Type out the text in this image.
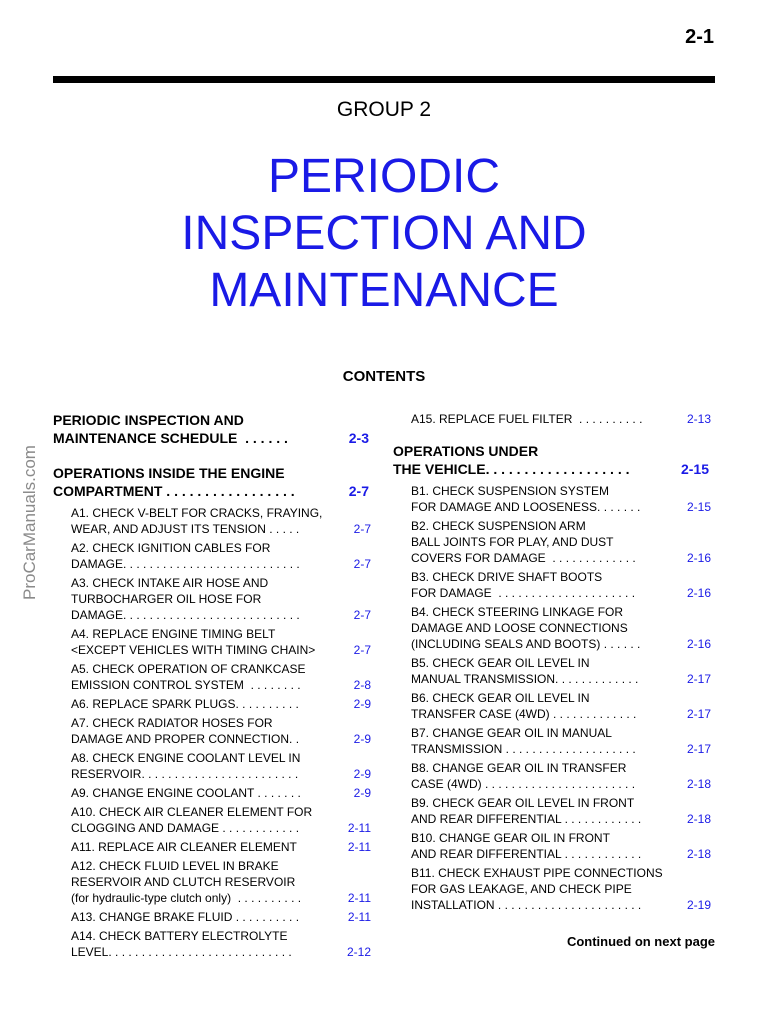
2-1
GROUP 2
PERIODIC
INSPECTION AND
MAINTENANCE
CONTENTS
ProCarManuals.com
PERIODIC INSPECTION AND
MAINTENANCE SCHEDULE  . . . . . .	2-3
OPERATIONS INSIDE THE ENGINE
COMPARTMENT . . . . . . . . . . . . . . . . .	2-7
A1. CHECK V-BELT FOR CRACKS, FRAYING,
WEAR, AND ADJUST ITS TENSION . . . . .	2-7
A2. CHECK IGNITION CABLES FOR
DAMAGE. . . . . . . . . . . . . . . . . . . . . . . . . . .	2-7
A3. CHECK INTAKE AIR HOSE AND
TURBOCHARGER OIL HOSE FOR
DAMAGE. . . . . . . . . . . . . . . . . . . . . . . . . . .	2-7
A4. REPLACE ENGINE TIMING BELT
<EXCEPT VEHICLES WITH TIMING CHAIN>	2-7
A5. CHECK OPERATION OF CRANKCASE
EMISSION CONTROL SYSTEM  . . . . . . . .	2-8
A6. REPLACE SPARK PLUGS. . . . . . . . . .	2-9
A7. CHECK RADIATOR HOSES FOR
DAMAGE AND PROPER CONNECTION. .	2-9
A8. CHECK ENGINE COOLANT LEVEL IN
RESERVOIR. . . . . . . . . . . . . . . . . . . . . . . .	2-9
A9. CHANGE ENGINE COOLANT . . . . . . .	2-9
A10. CHECK AIR CLEANER ELEMENT FOR
CLOGGING AND DAMAGE . . . . . . . . . . . .	2-11
A11. REPLACE AIR CLEANER ELEMENT	2-11
A12. CHECK FLUID LEVEL IN BRAKE
RESERVOIR AND CLUTCH RESERVOIR
(for hydraulic-type clutch only)  . . . . . . . . . .	2-11
A13. CHANGE BRAKE FLUID . . . . . . . . . .	2-11
A14. CHECK BATTERY ELECTROLYTE
LEVEL. . . . . . . . . . . . . . . . . . . . . . . . . . . .	2-12
A15. REPLACE FUEL FILTER  . . . . . . . . . .	2-13
OPERATIONS UNDER
THE VEHICLE. . . . . . . . . . . . . . . . . . .	2-15
B1. CHECK SUSPENSION SYSTEM
FOR DAMAGE AND LOOSENESS. . . . . . .	2-15
B2. CHECK SUSPENSION ARM
BALL JOINTS FOR PLAY, AND DUST
COVERS FOR DAMAGE  . . . . . . . . . . . . .	2-16
B3. CHECK DRIVE SHAFT BOOTS
FOR DAMAGE  . . . . . . . . . . . . . . . . . . . . .	2-16
B4. CHECK STEERING LINKAGE FOR
DAMAGE AND LOOSE CONNECTIONS
(INCLUDING SEALS AND BOOTS) . . . . . .	2-16
B5. CHECK GEAR OIL LEVEL IN
MANUAL TRANSMISSION. . . . . . . . . . . . .	2-17
B6. CHECK GEAR OIL LEVEL IN
TRANSFER CASE (4WD) . . . . . . . . . . . . .	2-17
B7. CHANGE GEAR OIL IN MANUAL
TRANSMISSION . . . . . . . . . . . . . . . . . . . .	2-17
B8. CHANGE GEAR OIL IN TRANSFER
CASE (4WD) . . . . . . . . . . . . . . . . . . . . . . .	2-18
B9. CHECK GEAR OIL LEVEL IN FRONT
AND REAR DIFFERENTIAL . . . . . . . . . . . .	2-18
B10. CHANGE GEAR OIL IN FRONT
AND REAR DIFFERENTIAL . . . . . . . . . . . .	2-18
B11. CHECK EXHAUST PIPE CONNECTIONS
FOR GAS LEAKAGE, AND CHECK PIPE
INSTALLATION . . . . . . . . . . . . . . . . . . . . . .	2-19
Continued on next page
